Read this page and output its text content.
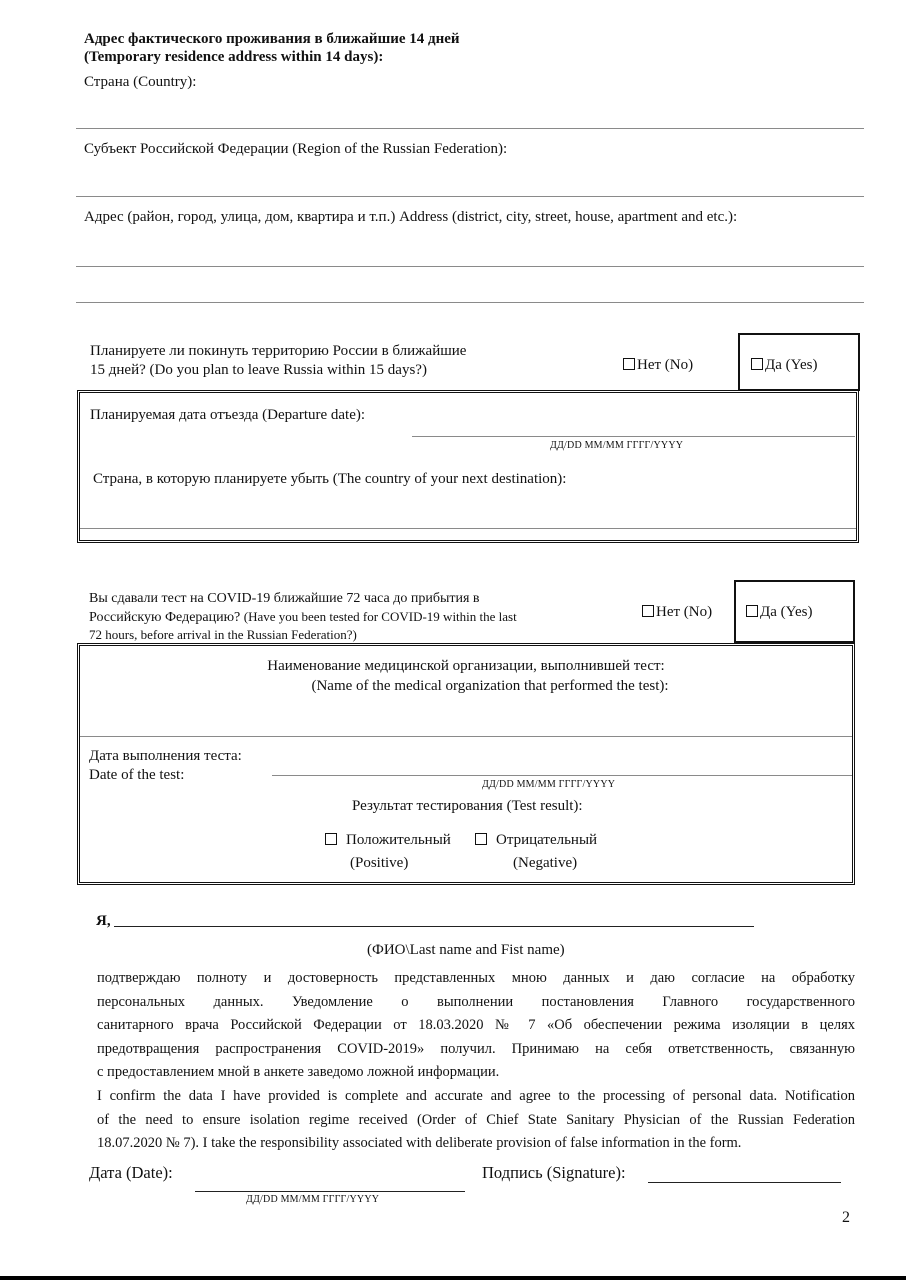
Адрес фактического проживания в ближайшие 14 дней
(Temporary residence address within 14 days):
Страна (Country):
Субъект Российской Федерации (Region of the Russian Federation):
Адрес (район, город, улица, дом, квартира и т.п.) Address (district, city, street, house, apartment and etc.):
Планируете ли покинуть территорию России в ближайшие
15 дней? (Do you plan to leave Russia within 15 days?)	Нет (No)	Да (Yes)
Планируемая дата отъезда (Departure date):
ДД/DD ММ/MM ГГГГ/YYYY
Страна, в которую планируете убыть (The country of your next destination):
Вы сдавали тест на COVID-19 ближайшие 72 часа до прибытия в
Российскую Федерацию? (Have you been tested for COVID-19 within the last
72 hours, before arrival in the Russian Federation?)
Нет (No)	Да (Yes)
Наименование медицинской организации, выполнившей тест:
(Name of the medical organization that performed the test):
Дата выполнения теста:
Date of the test:
ДД/DD ММ/MM ГГГГ/YYYY
Результат тестирования (Test result):
Положительный
(Positive)
Отрицательный
(Negative)
Я,
(ФИО\Last name and Fist name)
подтверждаю полноту и достоверность представленных мною данных и даю согласие на обработку
персональных данных. Уведомление о выполнении постановления Главного государственного
санитарного врача Российской Федерации от 18.03.2020 № 7 «Об обеспечении режима изоляции в целях
предотвращения распространения COVID-2019» получил. Принимаю на себя ответственность, связанную
с предоставлением мной в анкете заведомо ложной информации.
I confirm the data I have provided is complete and accurate and agree to the processing of personal data. Notification
of the need to ensure isolation regime received (Order of Chief State Sanitary Physician of the Russian Federation
18.07.2020 № 7). I take the responsibility associated with deliberate provision of false information in the form.
Дата (Date):
ДД/DD ММ/MM ГГГГ/YYYY
Подпись (Signature):
2
